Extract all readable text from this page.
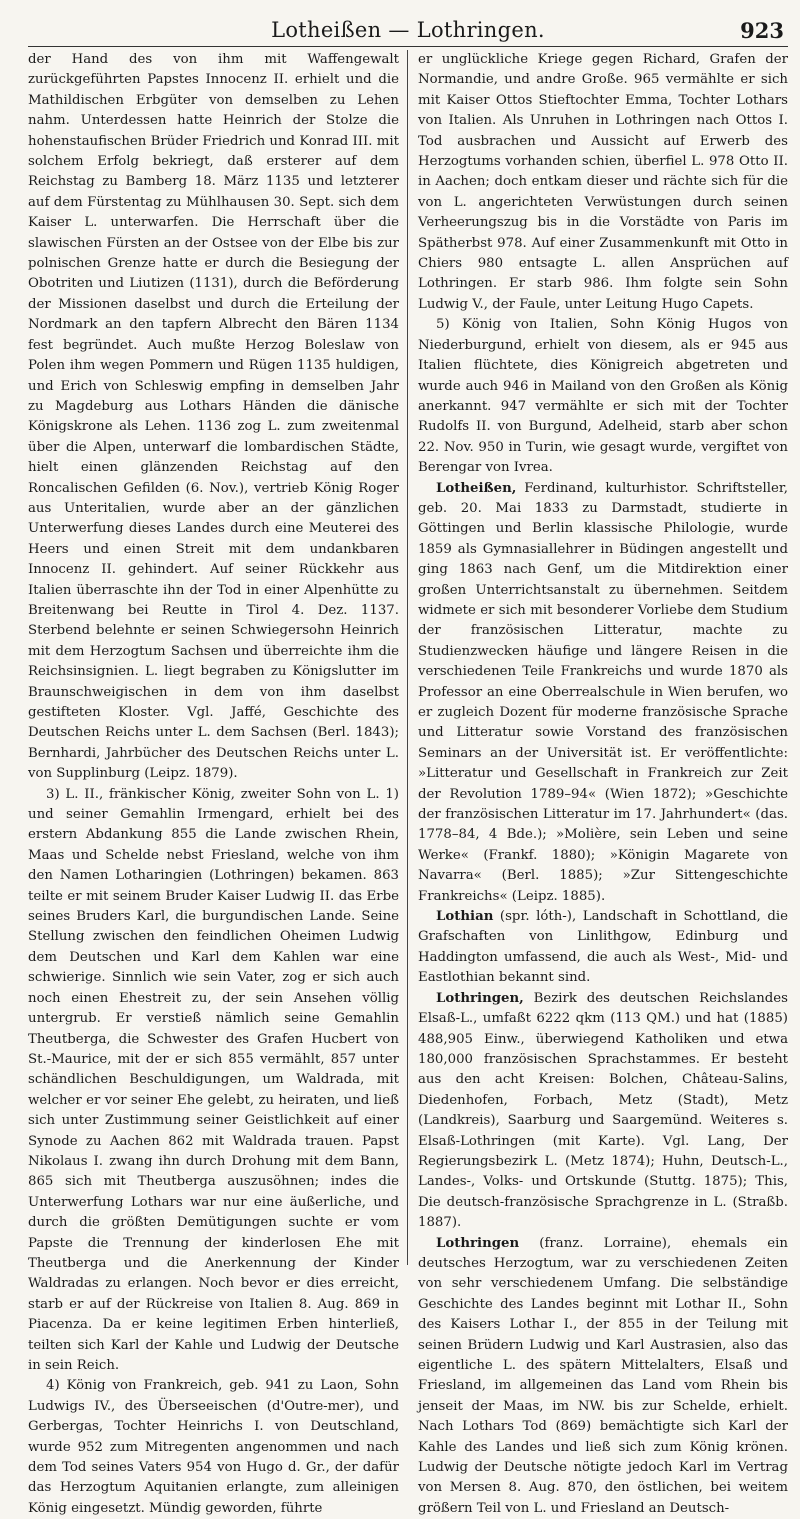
Lotheißen — Lothringen.	923

der Hand des von ihm mit Waffengewalt zurückgeführten Papstes Innocenz II. erhielt und die Mathildischen Erbgüter von demselben zu Lehen nahm. Unterdessen hatte Heinrich der Stolze die hohenstaufischen Brüder Friedrich und Konrad III. mit solchem Erfolg bekriegt, daß ersterer auf dem Reichstag zu Bamberg 18. März 1135 und letzterer auf dem Fürstentag zu Mühlhausen 30. Sept. sich dem Kaiser L. unterwarfen. Die Herrschaft über die slawischen Fürsten an der Ostsee von der Elbe bis zur polnischen Grenze hatte er durch die Besiegung der Obotriten und Liutizen (1131), durch die Beförderung der Missionen daselbst und durch die Erteilung der Nordmark an den tapfern Albrecht den Bären 1134 fest begründet. Auch mußte Herzog Boleslaw von Polen ihm wegen Pommern und Rügen 1135 huldigen, und Erich von Schleswig empfing in demselben Jahr zu Magdeburg aus Lothars Händen die dänische Königskrone als Lehen. 1136 zog L. zum zweitenmal über die Alpen, unterwarf die lombardischen Städte, hielt einen glänzenden Reichstag auf den Roncalischen Gefilden (6. Nov.), vertrieb König Roger aus Unteritalien, wurde aber an der gänzlichen Unterwerfung dieses Landes durch eine Meuterei des Heers und einen Streit mit dem undankbaren Innocenz II. gehindert. Auf seiner Rückkehr aus Italien überraschte ihn der Tod in einer Alpenhütte zu Breitenwang bei Reutte in Tirol 4. Dez. 1137. Sterbend belehnte er seinen Schwiegersohn Heinrich mit dem Herzogtum Sachsen und überreichte ihm die Reichsinsignien. L. liegt begraben zu Königslutter im Braunschweigischen in dem von ihm daselbst gestifteten Kloster. Vgl. Jaffé, Geschichte des Deutschen Reichs unter L. dem Sachsen (Berl. 1843); Bernhardi, Jahrbücher des Deutschen Reichs unter L. von Supplinburg (Leipz. 1879).

3) L. II., fränkischer König, zweiter Sohn von L. 1) und seiner Gemahlin Irmengard, erhielt bei des erstern Abdankung 855 die Lande zwischen Rhein, Maas und Schelde nebst Friesland, welche von ihm den Namen Lotharingien (Lothringen) bekamen. 863 teilte er mit seinem Bruder Kaiser Ludwig II. das Erbe seines Bruders Karl, die burgundischen Lande. Seine Stellung zwischen den feindlichen Oheimen Ludwig dem Deutschen und Karl dem Kahlen war eine schwierige. Sinnlich wie sein Vater, zog er sich auch noch einen Ehestreit zu, der sein Ansehen völlig untergrub. Er verstieß nämlich seine Gemahlin Theutberga, die Schwester des Grafen Hucbert von St.-Maurice, mit der er sich 855 vermählt, 857 unter schändlichen Beschuldigungen, um Waldrada, mit welcher er vor seiner Ehe gelebt, zu heiraten, und ließ sich unter Zustimmung seiner Geistlichkeit auf einer Synode zu Aachen 862 mit Waldrada trauen. Papst Nikolaus I. zwang ihn durch Drohung mit dem Bann, 865 sich mit Theutberga auszusöhnen; indes die Unterwerfung Lothars war nur eine äußerliche, und durch die größten Demütigungen suchte er vom Papste die Trennung der kinderlosen Ehe mit Theutberga und die Anerkennung der Kinder Waldradas zu erlangen. Noch bevor er dies erreicht, starb er auf der Rückreise von Italien 8. Aug. 869 in Piacenza. Da er keine legitimen Erben hinterließ, teilten sich Karl der Kahle und Ludwig der Deutsche in sein Reich.

4) König von Frankreich, geb. 941 zu Laon, Sohn Ludwigs IV., des Überseeischen (d'Outre-mer), und Gerbergas, Tochter Heinrichs I. von Deutschland, wurde 952 zum Mitregenten angenommen und nach dem Tod seines Vaters 954 von Hugo d. Gr., der dafür das Herzogtum Aquitanien erlangte, zum alleinigen König eingesetzt. Mündig geworden, führte

er unglückliche Kriege gegen Richard, Grafen der Normandie, und andre Große. 965 vermählte er sich mit Kaiser Ottos Stieftochter Emma, Tochter Lothars von Italien. Als Unruhen in Lothringen nach Ottos I. Tod ausbrachen und Aussicht auf Erwerb des Herzogtums vorhanden schien, überfiel L. 978 Otto II. in Aachen; doch entkam dieser und rächte sich für die von L. angerichteten Verwüstungen durch seinen Verheerungszug bis in die Vorstädte von Paris im Spätherbst 978. Auf einer Zusammenkunft mit Otto in Chiers 980 entsagte L. allen Ansprüchen auf Lothringen. Er starb 986. Ihm folgte sein Sohn Ludwig V., der Faule, unter Leitung Hugo Capets.

5) König von Italien, Sohn König Hugos von Niederburgund, erhielt von diesem, als er 945 aus Italien flüchtete, dies Königreich abgetreten und wurde auch 946 in Mailand von den Großen als König anerkannt. 947 vermählte er sich mit der Tochter Rudolfs II. von Burgund, Adelheid, starb aber schon 22. Nov. 950 in Turin, wie gesagt wurde, vergiftet von Berengar von Ivrea.

Lotheißen, Ferdinand, kulturhistor. Schriftsteller, geb. 20. Mai 1833 zu Darmstadt, studierte in Göttingen und Berlin klassische Philologie, wurde 1859 als Gymnasiallehrer in Büdingen angestellt und ging 1863 nach Genf, um die Mitdirektion einer großen Unterrichtsanstalt zu übernehmen. Seitdem widmete er sich mit besonderer Vorliebe dem Studium der französischen Litteratur, machte zu Studienzwecken häufige und längere Reisen in die verschiedenen Teile Frankreichs und wurde 1870 als Professor an eine Oberrealschule in Wien berufen, wo er zugleich Dozent für moderne französische Sprache und Litteratur sowie Vorstand des französischen Seminars an der Universität ist. Er veröffentlichte: »Litteratur und Gesellschaft in Frankreich zur Zeit der Revolution 1789–94« (Wien 1872); »Geschichte der französischen Litteratur im 17. Jahrhundert« (das. 1778–84, 4 Bde.); »Molière, sein Leben und seine Werke« (Frankf. 1880); »Königin Magarete von Navarra« (Berl. 1885); »Zur Sittengeschichte Frankreichs« (Leipz. 1885).

Lothian (spr. lóth-), Landschaft in Schottland, die Grafschaften von Linlithgow, Edinburg und Haddington umfassend, die auch als West-, Mid- und Eastlothian bekannt sind.

Lothringen, Bezirk des deutschen Reichslandes Elsaß-L., umfaßt 6222 qkm (113 QM.) und hat (1885) 488,905 Einw., überwiegend Katholiken und etwa 180,000 französischen Sprachstammes. Er besteht aus den acht Kreisen: Bolchen, Château-Salins, Diedenhofen, Forbach, Metz (Stadt), Metz (Landkreis), Saarburg und Saargemünd. Weiteres s. Elsaß-Lothringen (mit Karte). Vgl. Lang, Der Regierungsbezirk L. (Metz 1874); Huhn, Deutsch-L., Landes-, Volks- und Ortskunde (Stuttg. 1875); This, Die deutsch-französische Sprachgrenze in L. (Straßb. 1887).

Lothringen (franz. Lorraine), ehemals ein deutsches Herzogtum, war zu verschiedenen Zeiten von sehr verschiedenem Umfang. Die selbständige Geschichte des Landes beginnt mit Lothar II., Sohn des Kaisers Lothar I., der 855 in der Teilung mit seinen Brüdern Ludwig und Karl Austrasien, also das eigentliche L. des spätern Mittelalters, Elsaß und Friesland, im allgemeinen das Land vom Rhein bis jenseit der Maas, im NW. bis zur Schelde, erhielt. Nach Lothars Tod (869) bemächtigte sich Karl der Kahle des Landes und ließ sich zum König krönen. Ludwig der Deutsche nötigte jedoch Karl im Vertrag von Mersen 8. Aug. 870, den östlichen, bei weitem größern Teil von L. und Friesland an Deutsch-
